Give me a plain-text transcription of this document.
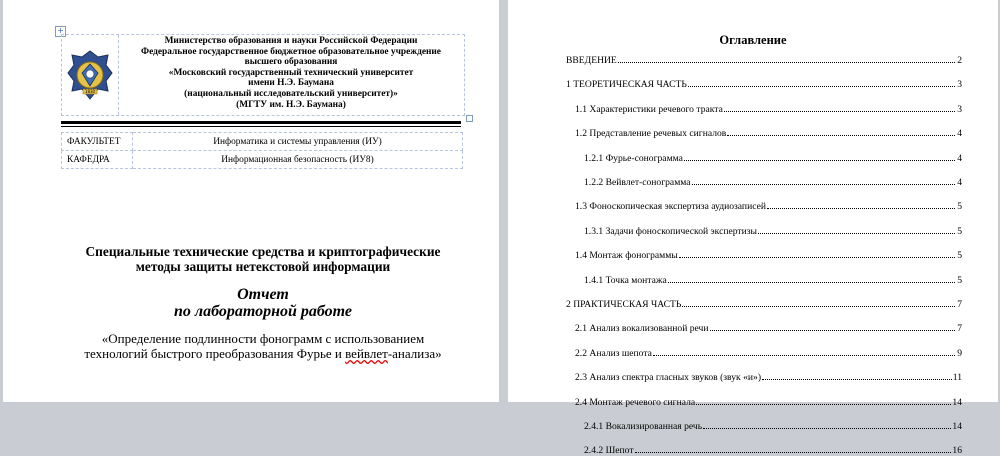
+
1830
Министерство образования и науки Российской Федерации
Федеральное государственное бюджетное образовательное учреждение
высшего образования
«Московский государственный технический университет
имени Н.Э. Баумана
(национальный исследовательский университет)»
(МГТУ им. Н.Э. Баумана)
ФАКУЛЬТЕТ	Информатика и системы управления (ИУ)
КАФЕДРА	Информационная безопасность (ИУ8)
Специальные технические средства и криптографические
методы защиты нетекстовой информации
Отчет
по лабораторной работе
«Определение подлинности фонограмм с использованием
технологий быстрого преобразования Фурье и вейвлет-анализа»
Оглавление
ВВЕДЕНИЕ	2
1 ТЕОРЕТИЧЕСКАЯ ЧАСТЬ	3
1.1 Характеристики речевого тракта	3
1.2 Представление речевых сигналов	4
1.2.1 Фурье-сонограмма	4
1.2.2 Вейвлет-сонограмма	4
1.3 Фоноскопическая экспертиза аудиозаписей	5
1.3.1 Задачи фоноскопической экспертизы	5
1.4 Монтаж фонограммы	5
1.4.1 Точка монтажа	5
2 ПРАКТИЧЕСКАЯ ЧАСТЬ	7
2.1 Анализ вокализованной речи	7
2.2 Анализ шепота	9
2.3 Анализ спектра гласных звуков (звук «и»)	11
2.4 Монтаж речевого сигнала	14
2.4.1 Вокализированная речь	14
2.4.2 Шепот	16
